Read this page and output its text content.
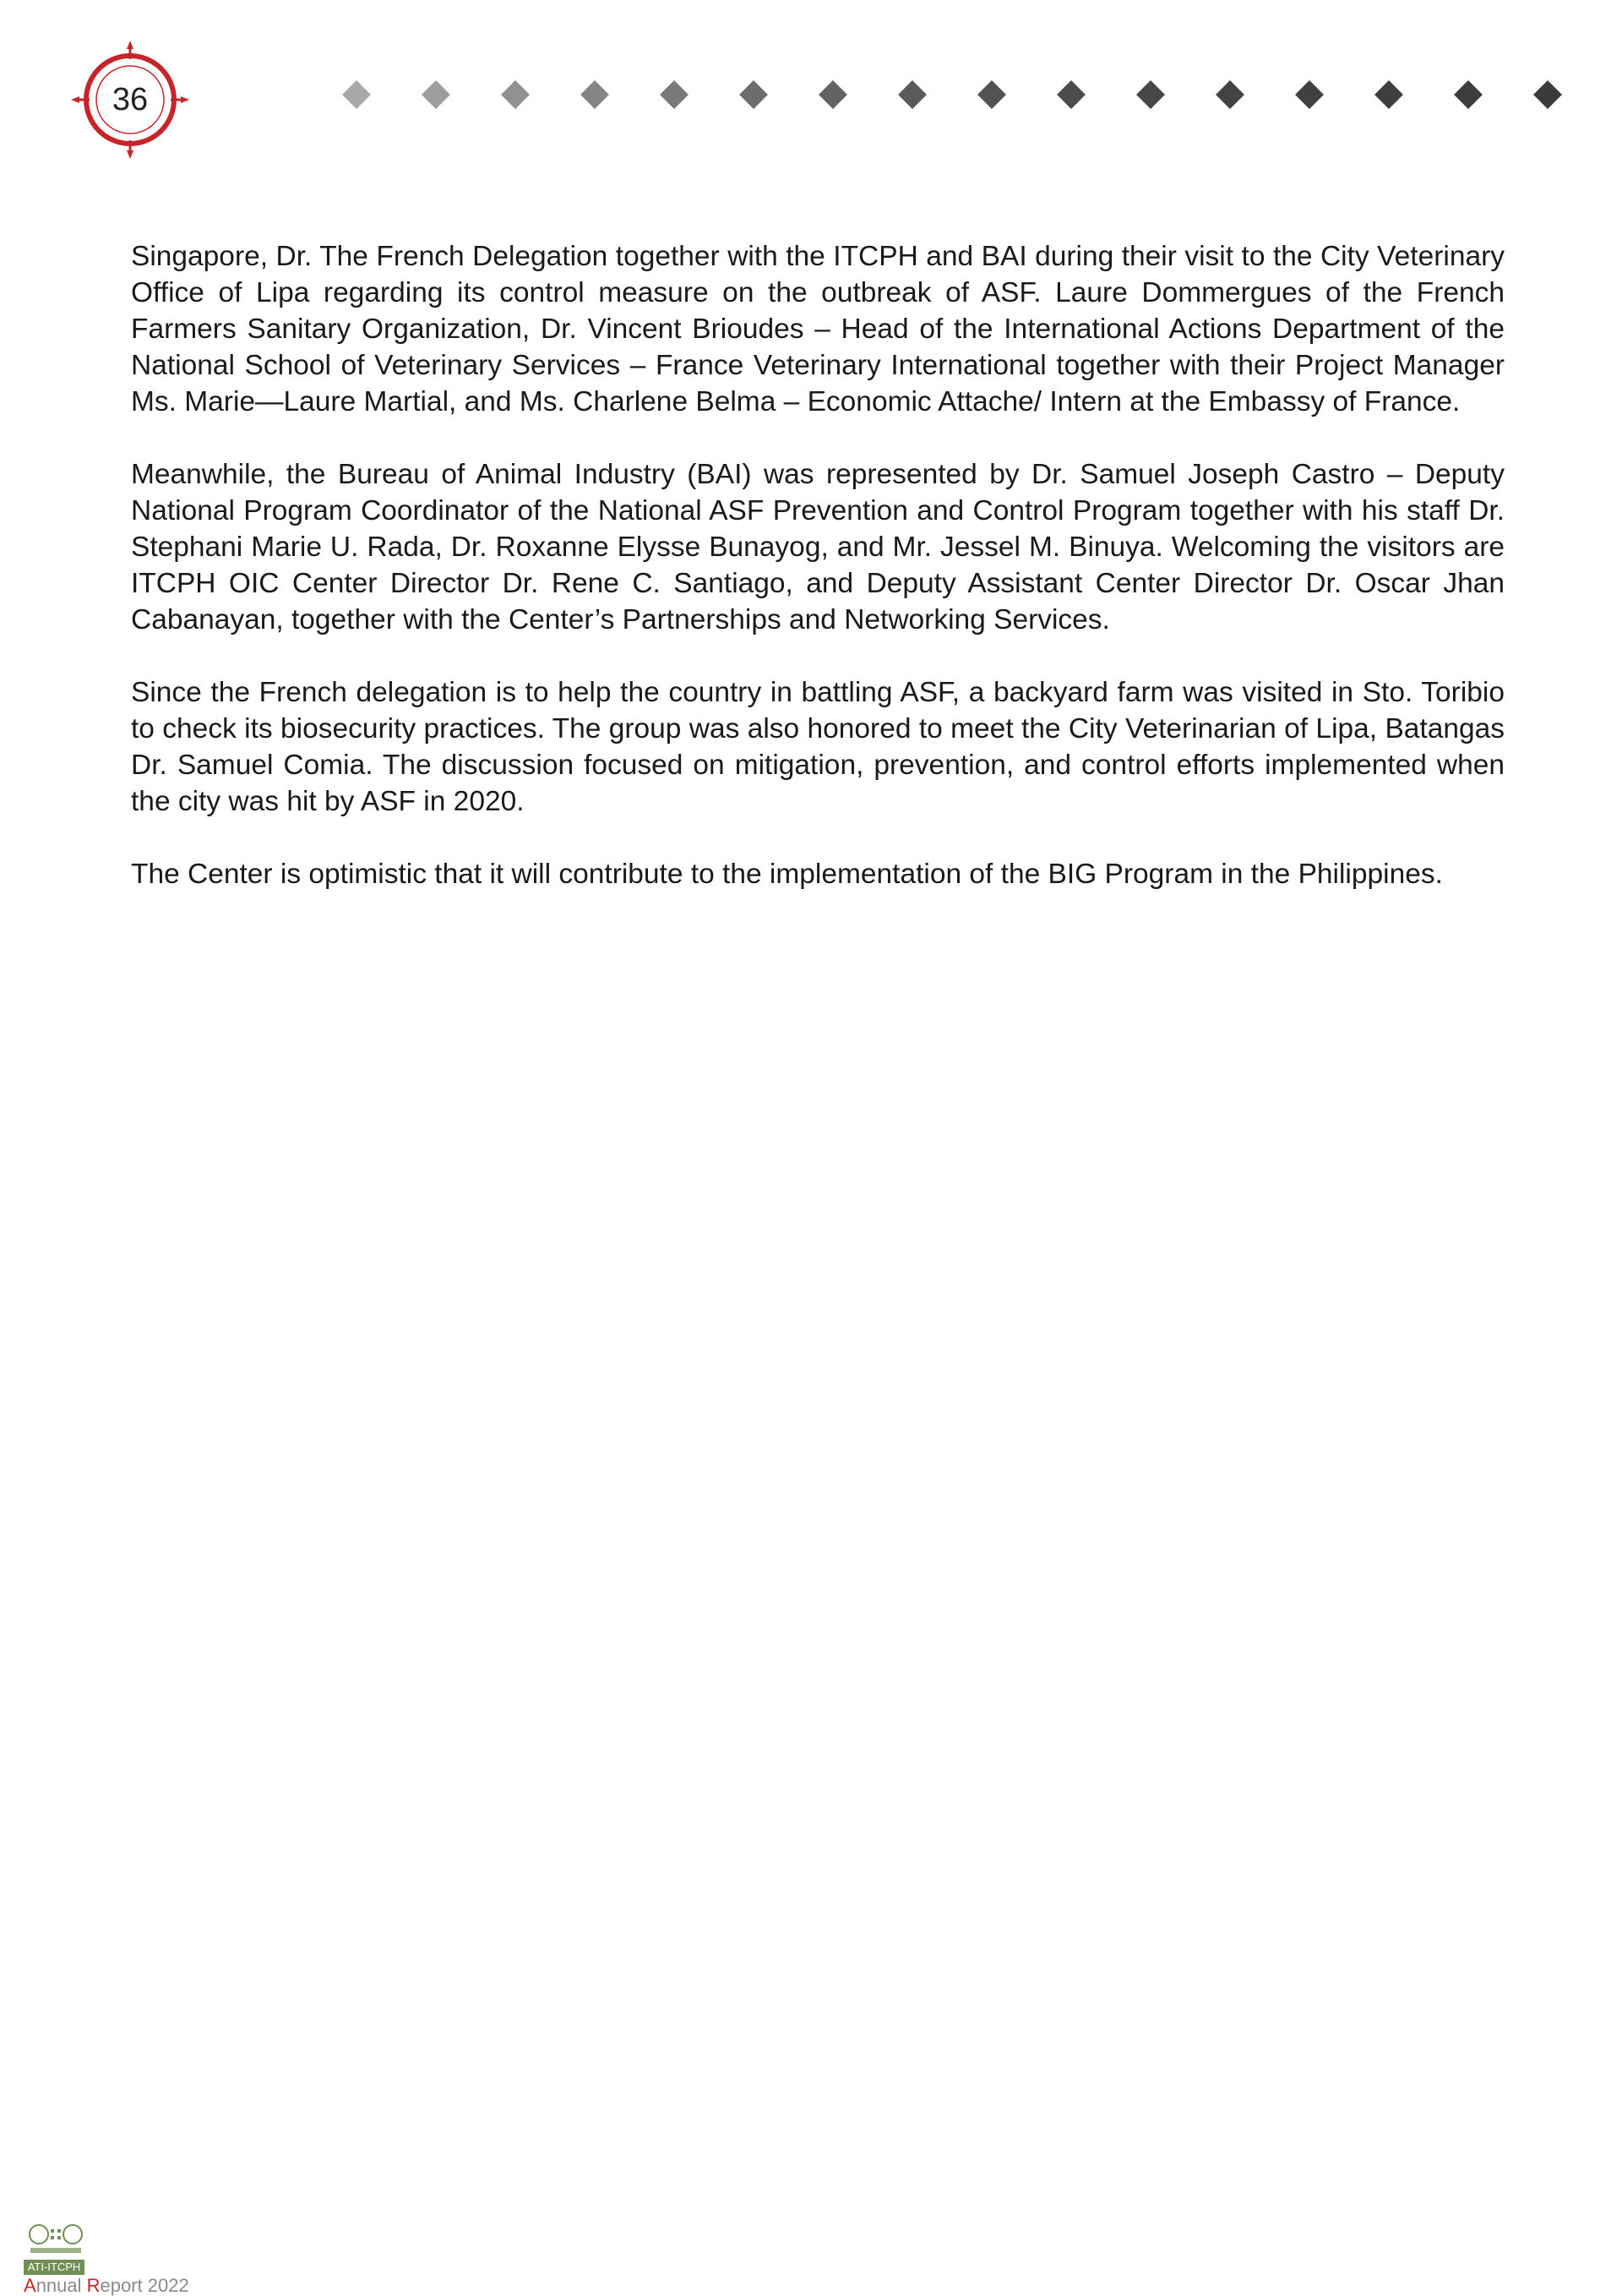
36

Singapore, Dr. The French Delegation together with the ITCPH and BAI during their visit to the City Veterinary Office of Lipa regarding its control measure on the outbreak of ASF. Laure Dommergues of the French Farmers Sanitary Organization, Dr. Vincent Brioudes – Head of the International Actions Department of the National School of Veterinary Services – France Veterinary International together with their Project Manager Ms. Marie—Laure Martial, and Ms. Charlene Belma – Economic Attache/ Intern at the Embassy of France.

Meanwhile, the Bureau of Animal Industry (BAI) was represented by Dr. Samuel Joseph Castro – Deputy National Program Coordinator of the National ASF Prevention and Control Program together with his staff Dr. Stephani Marie U. Rada, Dr. Roxanne Elysse Bunayog, and Mr. Jessel M. Binuya. Welcoming the visitors are ITCPH OIC Center Director Dr. Rene C. Santiago, and Deputy Assistant Center Director Dr. Oscar Jhan Cabanayan, together with the Center’s Partnerships and Networking Services.

Since the French delegation is to help the country in battling ASF, a backyard farm was visited in Sto. Toribio to check its biosecurity practices. The group was also honored to meet the City Veterinarian of Lipa, Batangas Dr. Samuel Comia. The discussion focused on mitigation, prevention, and control efforts implemented when the city was hit by ASF in 2020.

The Center is optimistic that it will contribute to the implementation of the BIG Program in the Philippines.

ATI-ITCPH
Annual Report 2022
